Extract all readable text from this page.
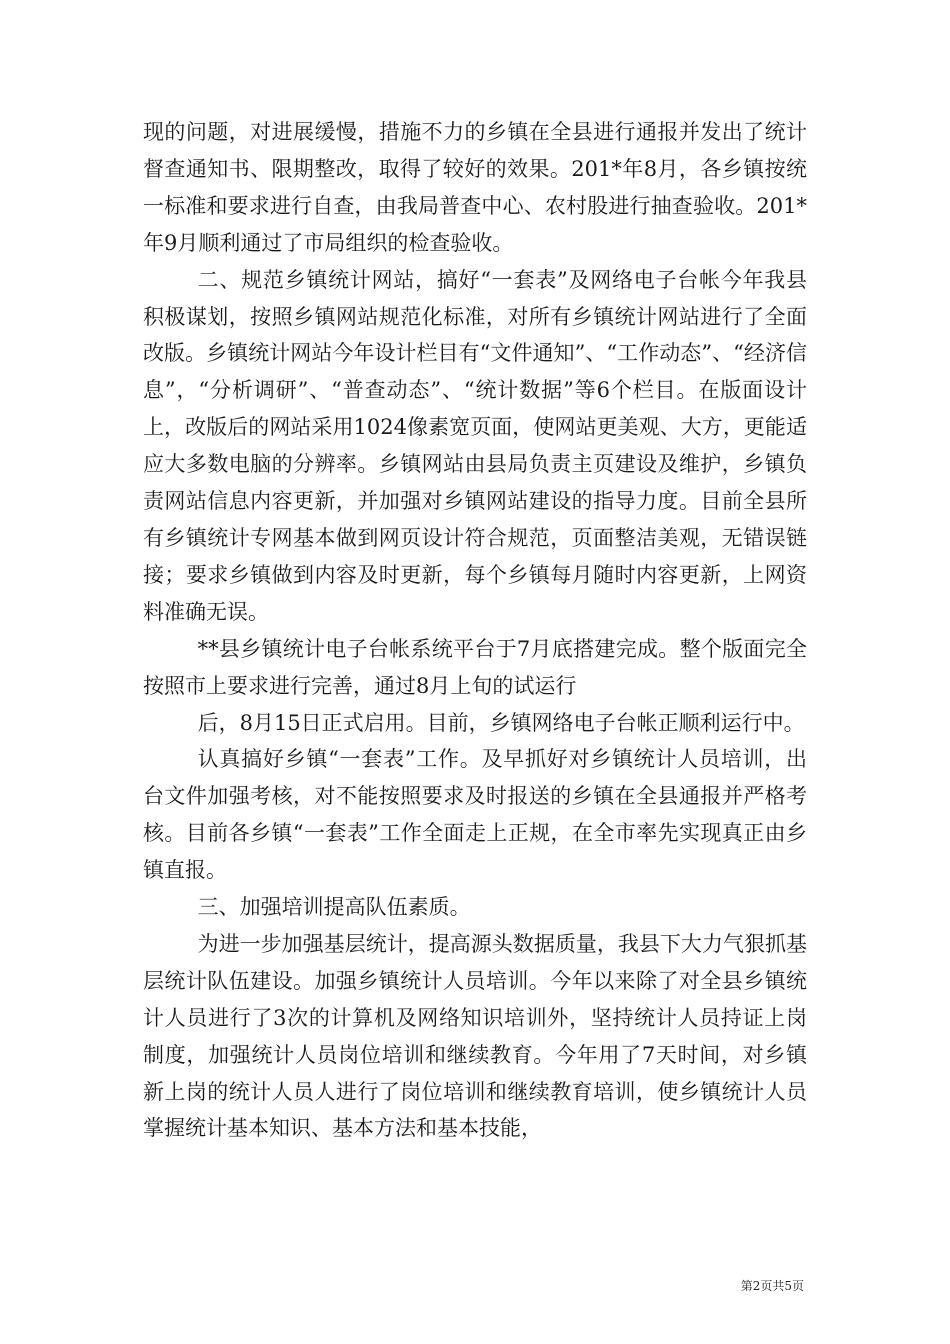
现的问题，对进展缓慢，措施不力的乡镇在全县进行通报并发出了统计督查通知书、限期整改，取得了较好的效果。201*年8月，各乡镇按统一标准和要求进行自查，由我局普查中心、农村股进行抽查验收。201*年9月顺利通过了市局组织的检查验收。

二、规范乡镇统计网站，搞好“一套表”及网络电子台帐今年我县积极谋划，按照乡镇网站规范化标准，对所有乡镇统计网站进行了全面改版。乡镇统计网站今年设计栏目有“文件通知”、“工作动态”、“经济信息”，“分析调研”、“普查动态”、“统计数据”等6个栏目。在版面设计上，改版后的网站采用1024像素宽页面，使网站更美观、大方，更能适应大多数电脑的分辨率。乡镇网站由县局负责主页建设及维护，乡镇负责网站信息内容更新，并加强对乡镇网站建设的指导力度。目前全县所有乡镇统计专网基本做到网页设计符合规范，页面整洁美观，无错误链接；要求乡镇做到内容及时更新，每个乡镇每月随时内容更新，上网资料准确无误。

**县乡镇统计电子台帐系统平台于7月底搭建完成。整个版面完全按照市上要求进行完善，通过8月上旬的试运行

后，8月15日正式启用。目前，乡镇网络电子台帐正顺利运行中。

认真搞好乡镇“一套表”工作。及早抓好对乡镇统计人员培训，出台文件加强考核，对不能按照要求及时报送的乡镇在全县通报并严格考核。目前各乡镇“一套表”工作全面走上正规，在全市率先实现真正由乡镇直报。

三、加强培训提高队伍素质。

为进一步加强基层统计，提高源头数据质量，我县下大力气狠抓基层统计队伍建设。加强乡镇统计人员培训。今年以来除了对全县乡镇统计人员进行了3次的计算机及网络知识培训外，坚持统计人员持证上岗制度，加强统计人员岗位培训和继续教育。今年用了7天时间，对乡镇新上岗的统计人员人进行了岗位培训和继续教育培训，使乡镇统计人员掌握统计基本知识、基本方法和基本技能，

第2页共5页
